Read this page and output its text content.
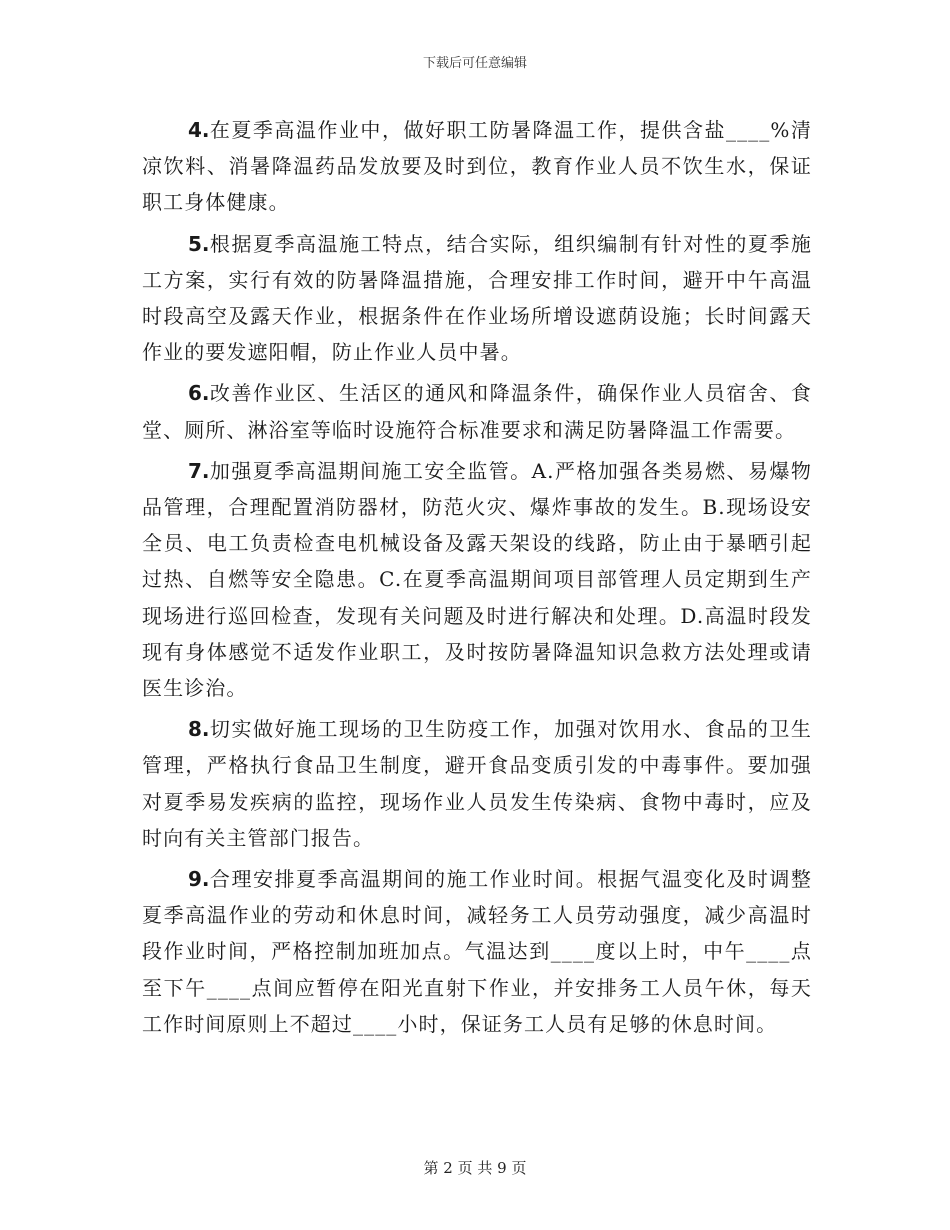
下载后可任意编辑

4.在夏季高温作业中，做好职工防暑降温工作，提供含盐____%清凉饮料、消暑降温药品发放要及时到位，教育作业人员不饮生水，保证职工身体健康。

5.根据夏季高温施工特点，结合实际，组织编制有针对性的夏季施工方案，实行有效的防暑降温措施，合理安排工作时间，避开中午高温时段高空及露天作业，根据条件在作业场所增设遮荫设施；长时间露天作业的要发遮阳帽，防止作业人员中暑。

6.改善作业区、生活区的通风和降温条件，确保作业人员宿舍、食堂、厕所、淋浴室等临时设施符合标准要求和满足防暑降温工作需要。

7.加强夏季高温期间施工安全监管。A.严格加强各类易燃、易爆物品管理，合理配置消防器材，防范火灾、爆炸事故的发生。B.现场设安全员、电工负责检查电机械设备及露天架设的线路，防止由于暴晒引起过热、自燃等安全隐患。C.在夏季高温期间项目部管理人员定期到生产现场进行巡回检查，发现有关问题及时进行解决和处理。D.高温时段发现有身体感觉不适发作业职工，及时按防暑降温知识急救方法处理或请医生诊治。

8.切实做好施工现场的卫生防疫工作，加强对饮用水、食品的卫生管理，严格执行食品卫生制度，避开食品变质引发的中毒事件。要加强对夏季易发疾病的监控，现场作业人员发生传染病、食物中毒时，应及时向有关主管部门报告。

9.合理安排夏季高温期间的施工作业时间。根据气温变化及时调整夏季高温作业的劳动和休息时间，减轻务工人员劳动强度，减少高温时段作业时间，严格控制加班加点。气温达到____度以上时，中午____点至下午____点间应暂停在阳光直射下作业，并安排务工人员午休，每天工作时间原则上不超过____小时，保证务工人员有足够的休息时间。

第 2 页 共 9 页
